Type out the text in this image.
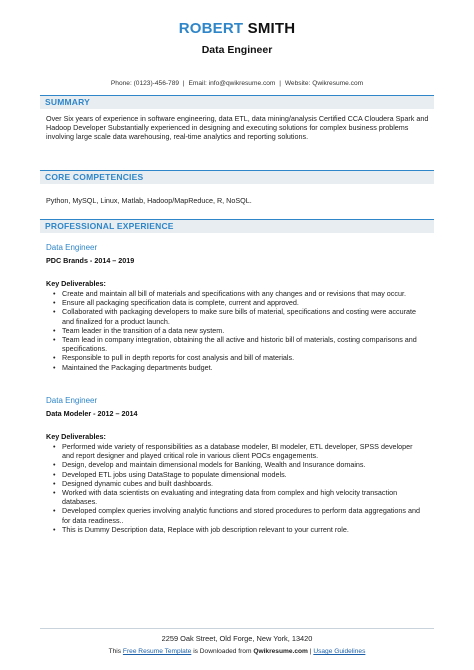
ROBERT SMITH
Data Engineer
Phone: (0123)-456-789 | Email: info@qwikresume.com | Website: Qwikresume.com
SUMMARY
Over Six years of experience in software engineering, data ETL, data mining/analysis Certified CCA Cloudera Spark and Hadoop Developer Substantially experienced in designing and executing solutions for complex business problems involving large scale data warehousing, real-time analytics and reporting solutions.
CORE COMPETENCIES
Python, MySQL, Linux, Matlab, Hadoop/MapReduce, R, NoSQL.
PROFESSIONAL EXPERIENCE
Data Engineer
PDC Brands - 2014 – 2019
Key Deliverables:
• Create and maintain all bill of materials and specifications with any changes and or revisions that may occur.
• Ensure all packaging specification data is complete, current and approved.
• Collaborated with packaging developers to make sure bills of material, specifications and costing were accurate and finalized for a product launch.
• Team leader in the transition of a data new system.
• Team lead in company integration, obtaining the all active and historic bill of materials, costing comparisons and specifications.
• Responsible to pull in depth reports for cost analysis and bill of materials.
• Maintained the Packaging departments budget.
Data Engineer
Data Modeler - 2012 – 2014
Key Deliverables:
• Performed wide variety of responsibilities as a database modeler, BI modeler, ETL developer, SPSS developer and report designer and played critical role in various client POCs engagements.
• Design, develop and maintain dimensional models for Banking, Wealth and Insurance domains.
• Developed ETL jobs using DataStage to populate dimensional models.
• Designed dynamic cubes and built dashboards.
• Worked with data scientists on evaluating and integrating data from complex and high velocity transaction databases.
• Developed complex queries involving analytic functions and stored procedures to perform data aggregations and for data readiness..
• This is Dummy Description data, Replace with job description relevant to your current role.
2259 Oak Street, Old Forge, New York, 13420
This Free Resume Template is Downloaded from Qwikresume.com | Usage Guidelines
